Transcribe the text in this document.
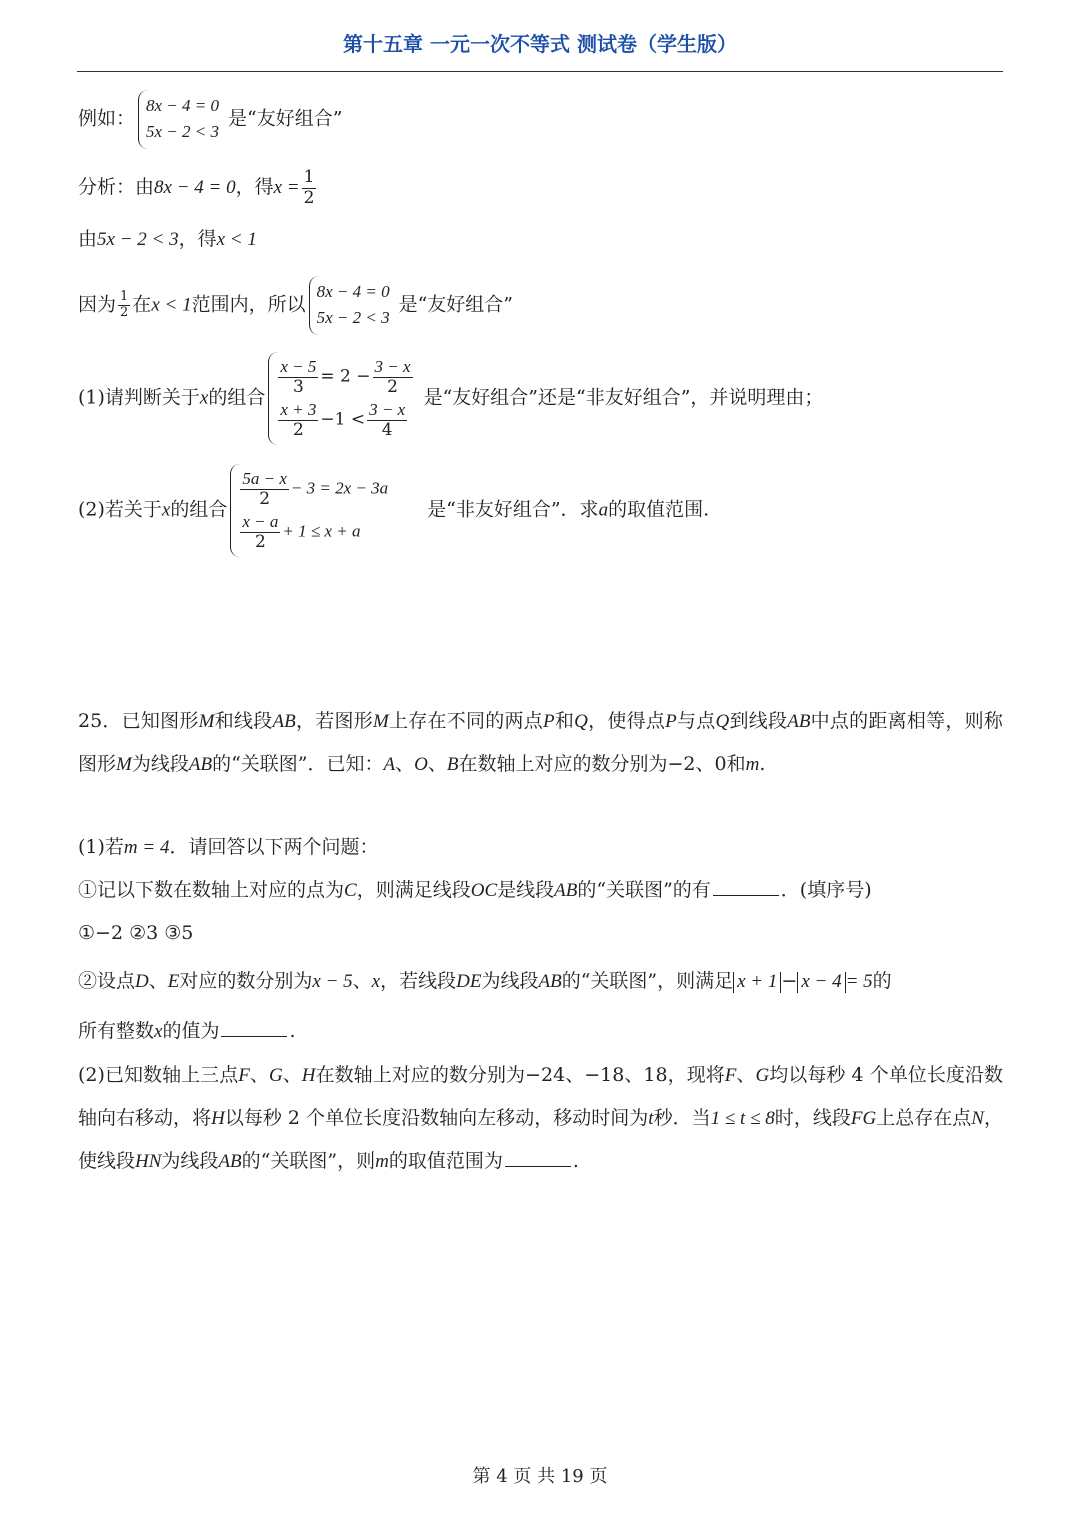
第十五章 一元一次不等式 测试卷（学生版）
例如：
8x − 4 = 0
5x − 2 < 3
是“友好组合”
分析：由8x − 4 = 0，得$x = \frac{1}{2}$
由5x − 2 < 3，得x < 1
因为 $\frac{1}{2}$ 在x < 1范围内，所以
8x − 4 = 0
5x − 2 < 3
是“友好组合”
(1)请判断关于x的组合
$\frac{x - 5}{3} = 2 - \frac{3 - x}{2}$
$\frac{x + 3}{2} -1 < \frac{3 - x}{4}$
是“友好组合”还是“非友好组合”，并说明理由；
(2)若关于x的组合
$\frac{5a - x}{2} - 3 = 2x - 3a$
$\frac{x - a}{2} + 1 \le x + a$
是“非友好组合”．求a的取值范围.
25．已知图形M和线段AB，若图形M上存在不同的两点P和Q，使得点P与点Q到线段AB中点的距离相等，则称图形M为线段AB的“关联图”．已知：A、O、B在数轴上对应的数分别为−2、0和m.
(1)若m = 4．请回答以下两个问题：
①记以下数在数轴上对应的点为C，则满足线段OC是线段AB的“关联图”的有	．(填序号)
①−2 ②3 ③5
②设点D、E对应的数分别为x − 5、x，若线段DE为线段AB的“关联图”，则满足 x + 1 − x − 4 = 5的
所有整数x的值为	.
(2)已知数轴上三点F、G、H在数轴上对应的数分别为−24、−18、18，现将F、G均以每秒 4 个单位长度沿数轴向右移动，将H以每秒 2 个单位长度沿数轴向左移动，移动时间为t秒．当1 ≤ t ≤ 8时，线段FG上总存在点N，使线段HN为线段AB的“关联图”，则m的取值范围为	.
第 4 页 共 19 页
